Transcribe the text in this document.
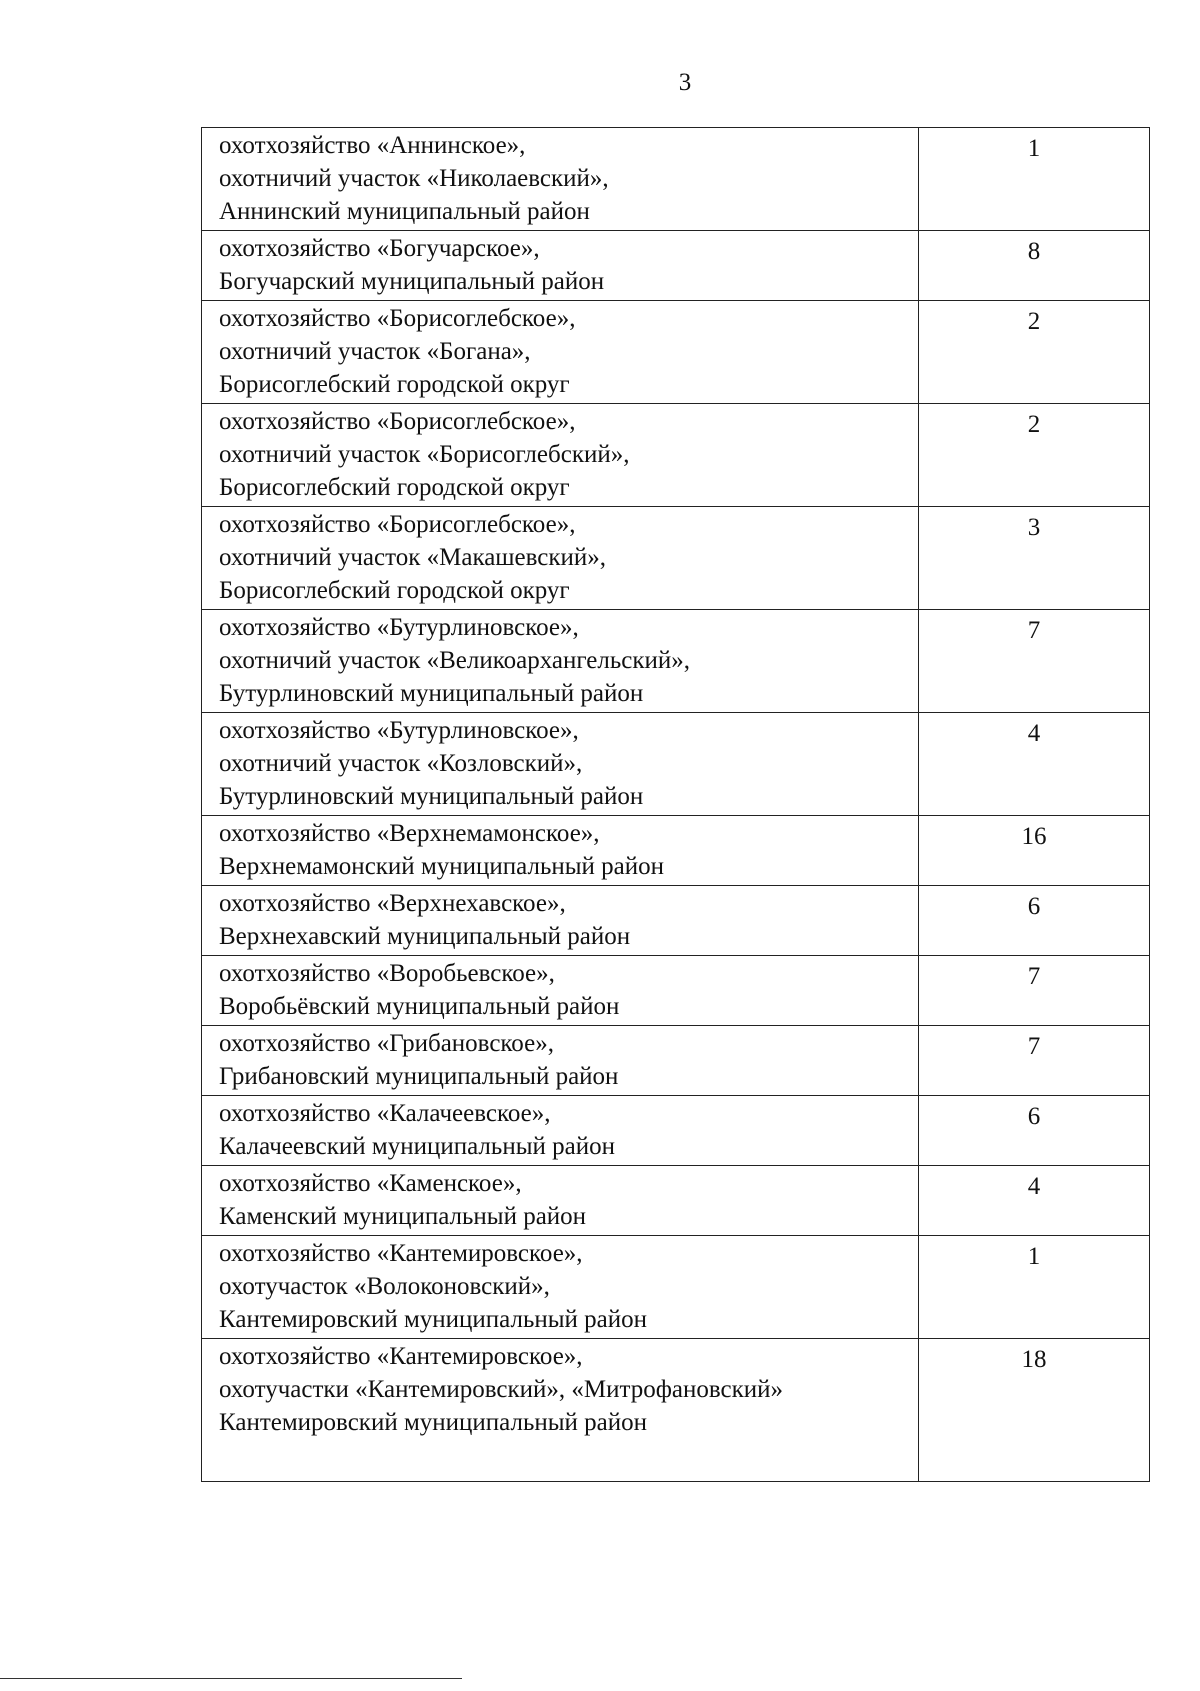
3
охотхозяйство «Аннинское»,
охотничий участок «Николаевский»,
Аннинский муниципальный район	1

охотхозяйство «Богучарское»,
Богучарский муниципальный район	8

охотхозяйство «Борисоглебское»,
охотничий участок «Богана»,
Борисоглебский городской округ	2

охотхозяйство «Борисоглебское»,
охотничий участок «Борисоглебский»,
Борисоглебский городской округ	2

охотхозяйство «Борисоглебское»,
охотничий участок «Макашевский»,
Борисоглебский городской округ	3

охотхозяйство «Бутурлиновское»,
охотничий участок «Великоархангельский»,
Бутурлиновский муниципальный район	7

охотхозяйство «Бутурлиновское»,
охотничий участок «Козловский»,
Бутурлиновский муниципальный район	4

охотхозяйство «Верхнемамонское»,
Верхнемамонский муниципальный район	16

охотхозяйство «Верхнехавское»,
Верхнехавский муниципальный район	6

охотхозяйство «Воробьевское»,
Воробьёвский муниципальный район	7

охотхозяйство «Грибановское»,
Грибановский муниципальный район	7

охотхозяйство «Калачеевское»,
Калачеевский муниципальный район	6

охотхозяйство «Каменское»,
Каменский муниципальный район	4

охотхозяйство «Кантемировское»,
охотучасток «Волоконовский»,
Кантемировский муниципальный район	1

охотхозяйство «Кантемировское»,
охотучастки «Кантемировский», «Митрофановский»
Кантемировский муниципальный район	18
